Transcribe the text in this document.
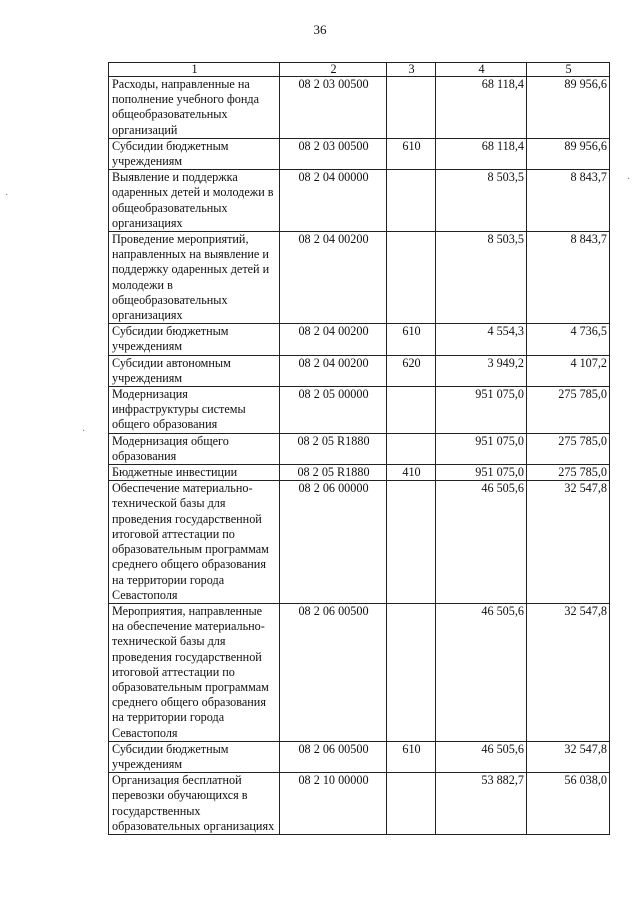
36
·
·
·
1	2	3	4	5
Расходы, направленные на пополнение учебного фонда общеобразовательных организаций	08 2 03 00500		68 118,4	89 956,6
Субсидии бюджетным учреждениям	08 2 03 00500	610	68 118,4	89 956,6
Выявление и поддержка одаренных детей и молодежи в общеобразовательных организациях	08 2 04 00000		8 503,5	8 843,7
Проведение мероприятий, направленных на выявление и поддержку одаренных детей и молодежи в общеобразовательных организациях	08 2 04 00200		8 503,5	8 843,7
Субсидии бюджетным учреждениям	08 2 04 00200	610	4 554,3	4 736,5
Субсидии автономным учреждениям	08 2 04 00200	620	3 949,2	4 107,2
Модернизация инфраструктуры системы общего образования	08 2 05 00000		951 075,0	275 785,0
Модернизация общего образования	08 2 05 R1880		951 075,0	275 785,0
Бюджетные инвестиции	08 2 05 R1880	410	951 075,0	275 785,0
Обеспечение материально-технической базы для проведения государственной итоговой аттестации по образовательным программам среднего общего образования на территории города Севастополя	08 2 06 00000		46 505,6	32 547,8
Мероприятия, направленные на обеспечение материально-технической базы для проведения государственной итоговой аттестации по образовательным программам среднего общего образования на территории города Севастополя	08 2 06 00500		46 505,6	32 547,8
Субсидии бюджетным учреждениям	08 2 06 00500	610	46 505,6	32 547,8
Организация бесплатной перевозки обучающихся в государственных образовательных организациях	08 2 10 00000		53 882,7	56 038,0
